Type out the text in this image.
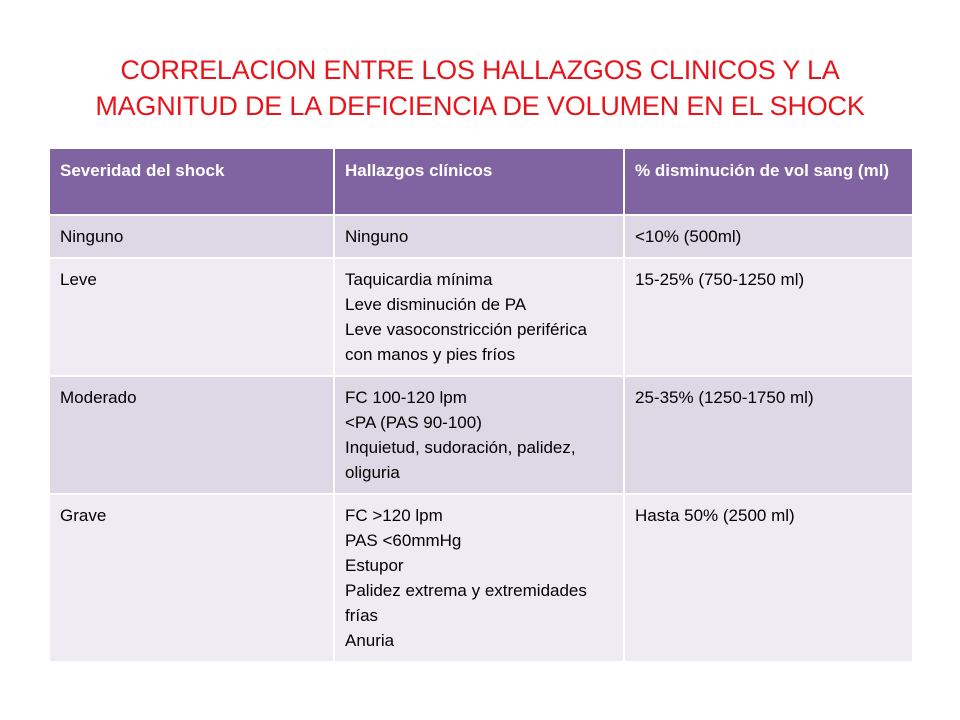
CORRELACION ENTRE LOS HALLAZGOS CLINICOS Y LA
MAGNITUD DE LA DEFICIENCIA DE VOLUMEN EN EL SHOCK
Severidad del shock	Hallazgos clínicos	% disminución de vol sang (ml)
Ninguno	Ninguno	<10% (500ml)
Leve	Taquicardia mínima
Leve disminución de PA
Leve vasoconstricción periférica con manos y pies fríos	15-25% (750-1250 ml)
Moderado	FC 100-120 lpm
<PA (PAS 90-100)
Inquietud, sudoración, palidez, oliguria	25-35% (1250-1750 ml)
Grave	FC >120 lpm
PAS <60mmHg
Estupor
Palidez extrema y extremidades frías
Anuria	Hasta 50% (2500 ml)
